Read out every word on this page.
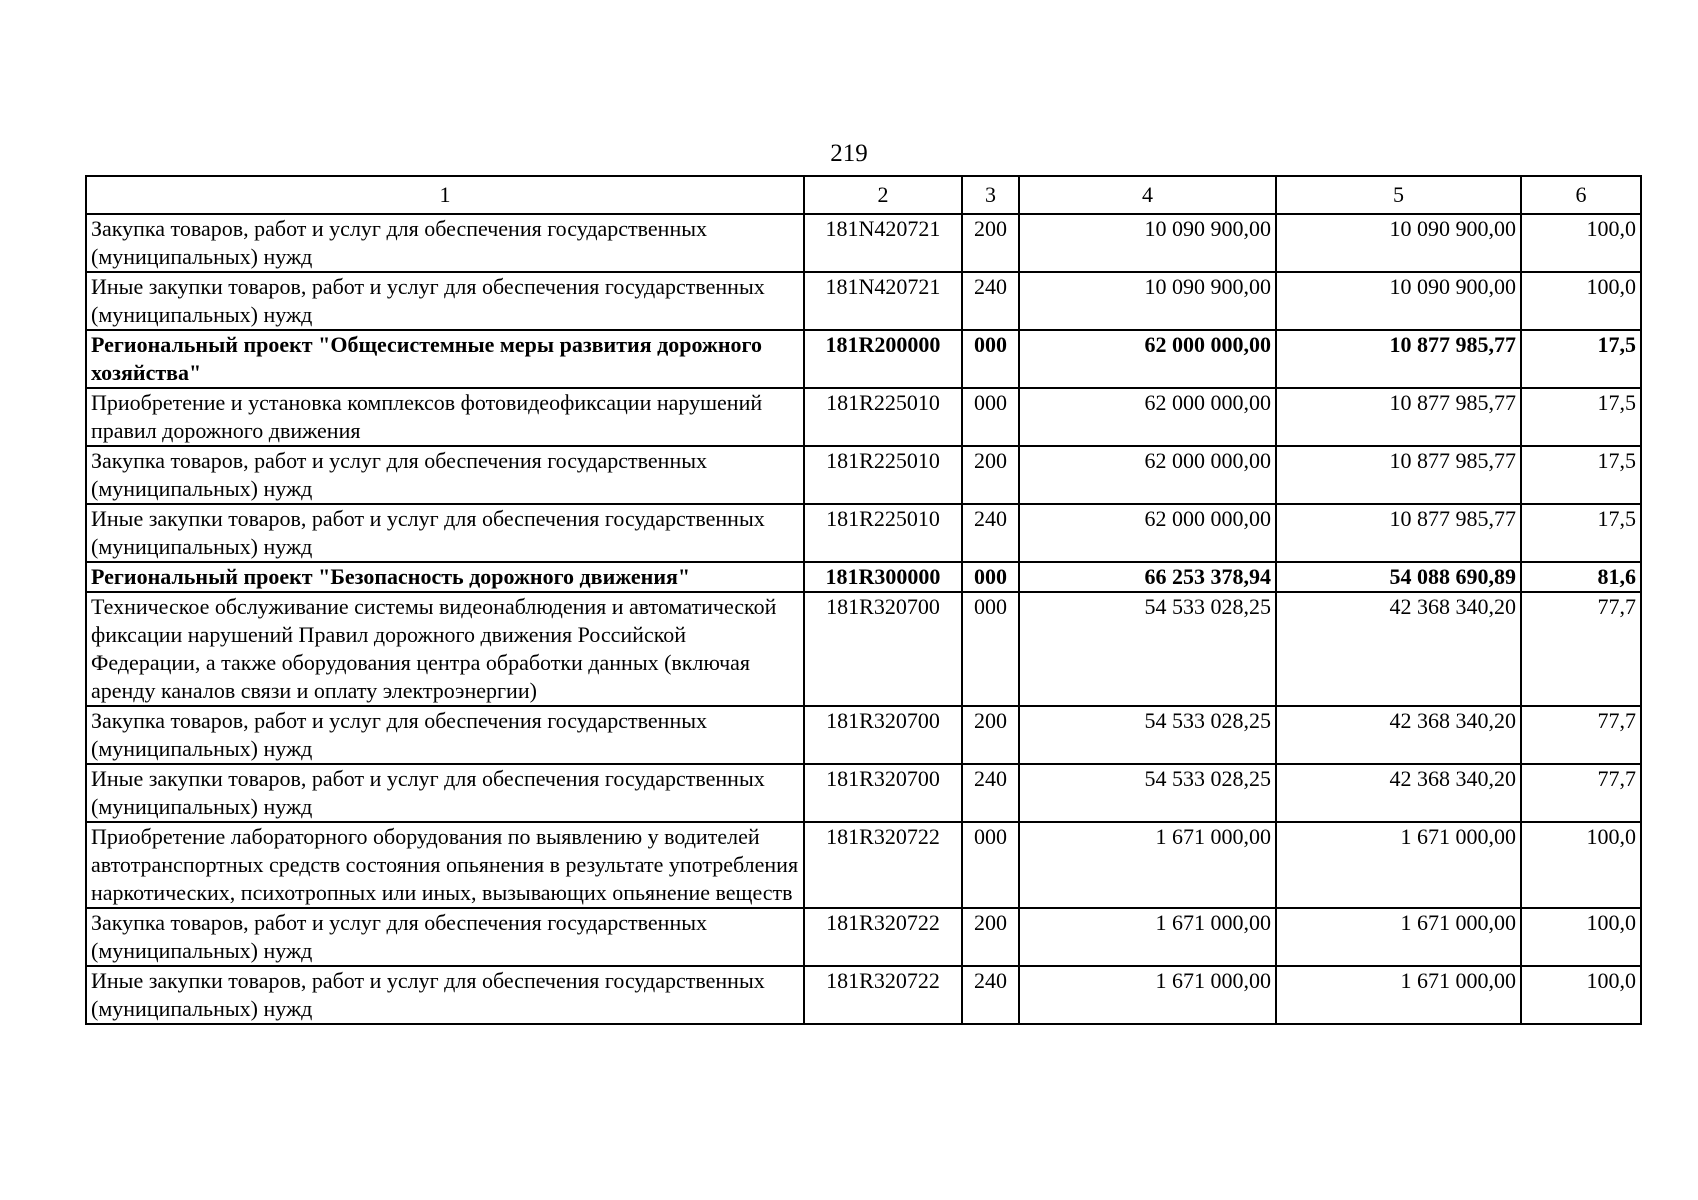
219
1	2	3	4	5	6
Закупка товаров, работ и услуг для обеспечения государственных (муниципальных) нужд	181N420721	200	10 090 900,00	10 090 900,00	100,0
Иные закупки товаров, работ и услуг для обеспечения государственных (муниципальных) нужд	181N420721	240	10 090 900,00	10 090 900,00	100,0
Региональный проект "Общесистемные меры развития дорожного хозяйства"	181R200000	000	62 000 000,00	10 877 985,77	17,5
Приобретение и установка комплексов фотовидеофиксации нарушений правил дорожного движения	181R225010	000	62 000 000,00	10 877 985,77	17,5
Закупка товаров, работ и услуг для обеспечения государственных (муниципальных) нужд	181R225010	200	62 000 000,00	10 877 985,77	17,5
Иные закупки товаров, работ и услуг для обеспечения государственных (муниципальных) нужд	181R225010	240	62 000 000,00	10 877 985,77	17,5
Региональный проект "Безопасность дорожного движения"	181R300000	000	66 253 378,94	54 088 690,89	81,6
Техническое обслуживание системы видеонаблюдения и автоматической фиксации нарушений Правил дорожного движения Российской Федерации, а также оборудования центра обработки данных (включая аренду каналов связи и оплату электроэнергии)	181R320700	000	54 533 028,25	42 368 340,20	77,7
Закупка товаров, работ и услуг для обеспечения государственных (муниципальных) нужд	181R320700	200	54 533 028,25	42 368 340,20	77,7
Иные закупки товаров, работ и услуг для обеспечения государственных (муниципальных) нужд	181R320700	240	54 533 028,25	42 368 340,20	77,7
Приобретение лабораторного оборудования по выявлению у водителей автотранспортных средств состояния опьянения в результате употребления наркотических, психотропных или иных, вызывающих опьянение веществ	181R320722	000	1 671 000,00	1 671 000,00	100,0
Закупка товаров, работ и услуг для обеспечения государственных (муниципальных) нужд	181R320722	200	1 671 000,00	1 671 000,00	100,0
Иные закупки товаров, работ и услуг для обеспечения государственных (муниципальных) нужд	181R320722	240	1 671 000,00	1 671 000,00	100,0
